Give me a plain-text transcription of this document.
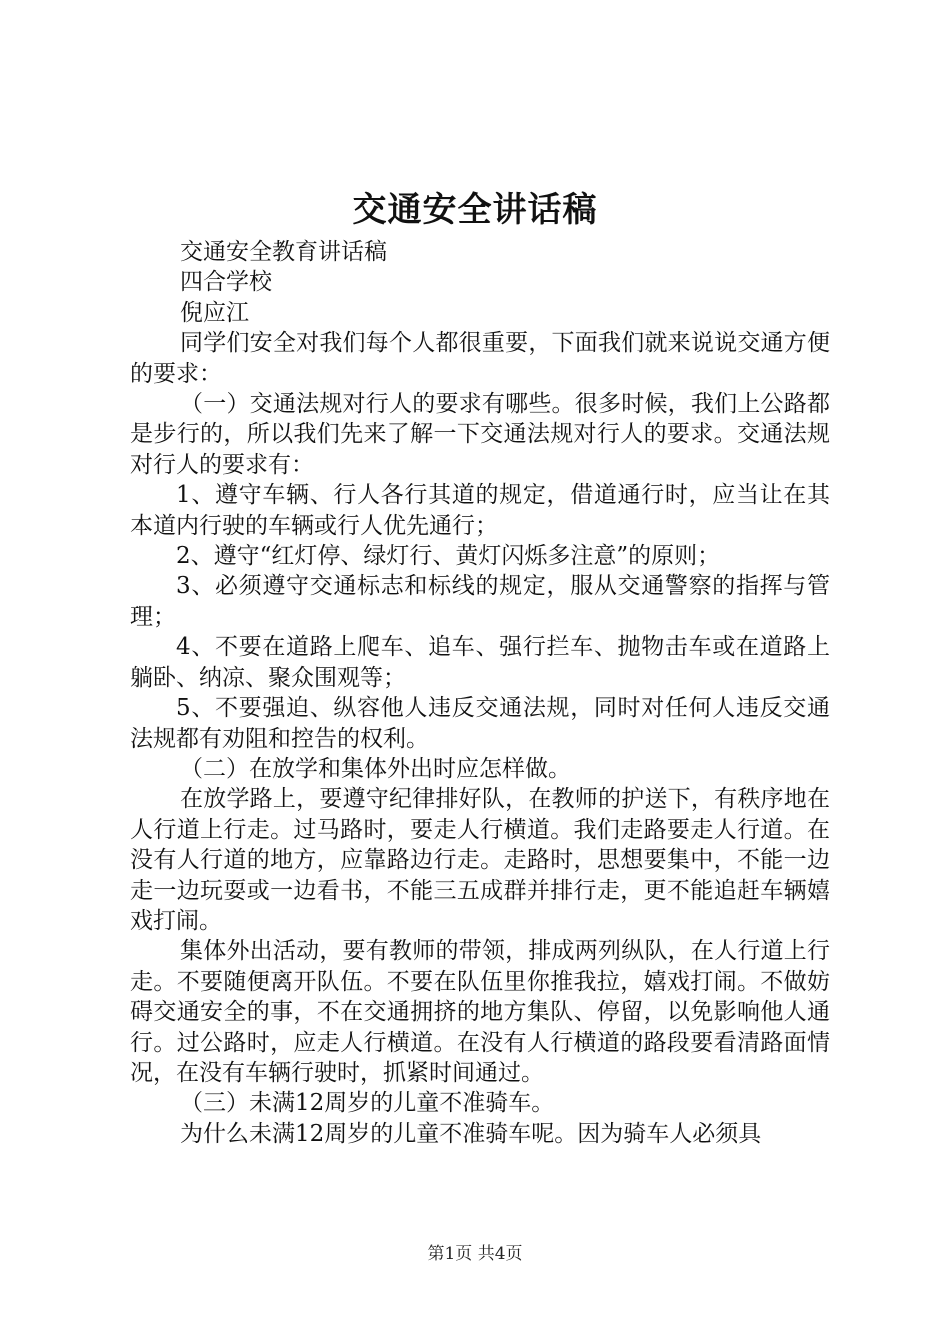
交通安全讲话稿

交通安全教育讲话稿

四合学校

倪应江

同学们安全对我们每个人都很重要，下面我们就来说说交通方便的要求：

（一）交通法规对行人的要求有哪些。很多时候，我们上公路都是步行的，所以我们先来了解一下交通法规对行人的要求。交通法规对行人的要求有：

1、遵守车辆、行人各行其道的规定，借道通行时，应当让在其本道内行驶的车辆或行人优先通行；

2、遵守“红灯停、绿灯行、黄灯闪烁多注意”的原则；

3、必须遵守交通标志和标线的规定，服从交通警察的指挥与管理；

4、不要在道路上爬车、追车、强行拦车、抛物击车或在道路上躺卧、纳凉、聚众围观等；

5、不要强迫、纵容他人违反交通法规，同时对任何人违反交通法规都有劝阻和控告的权利。

（二）在放学和集体外出时应怎样做。

在放学路上，要遵守纪律排好队，在教师的护送下，有秩序地在人行道上行走。过马路时，要走人行横道。我们走路要走人行道。在没有人行道的地方，应靠路边行走。走路时，思想要集中，不能一边走一边玩耍或一边看书，不能三五成群并排行走，更不能追赶车辆嬉戏打闹。

集体外出活动，要有教师的带领，排成两列纵队，在人行道上行走。不要随便离开队伍。不要在队伍里你推我拉，嬉戏打闹。不做妨碍交通安全的事，不在交通拥挤的地方集队、停留，以免影响他人通行。过公路时，应走人行横道。在没有人行横道的路段要看清路面情况，在没有车辆行驶时，抓紧时间通过。

（三）未满12周岁的儿童不准骑车。

为什么未满12周岁的儿童不准骑车呢。因为骑车人必须具

第1页 共4页
